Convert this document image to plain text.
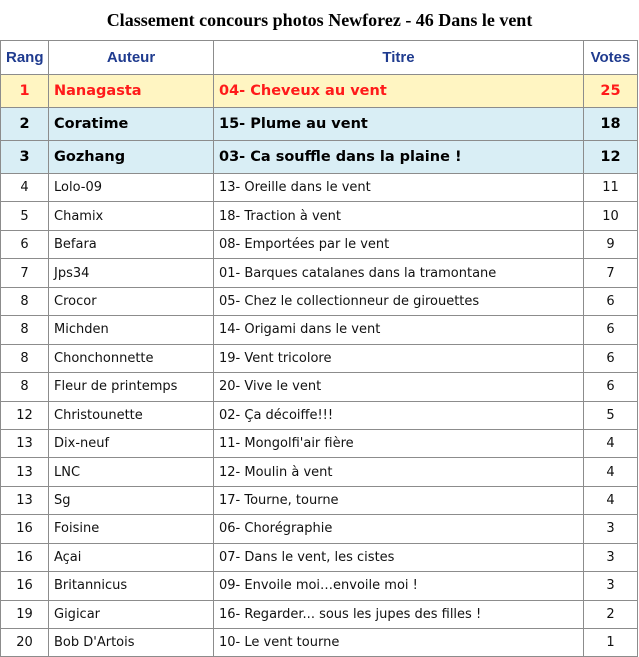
Classement concours photos Newforez - 46 Dans le vent
Rang	Auteur	Titre	Votes
1	Nanagasta	04- Cheveux au vent	25
2	Coratime	15- Plume au vent	18
3	Gozhang	03- Ca souffle dans la plaine !	12
4	Lolo-09	13- Oreille dans le vent	11
5	Chamix	18- Traction à vent	10
6	Befara	08- Emportées par le vent	9
7	Jps34	01- Barques catalanes dans la tramontane	7
8	Crocor	05- Chez le collectionneur de girouettes	6
8	Michden	14- Origami dans le vent	6
8	Chonchonnette	19- Vent tricolore	6
8	Fleur de printemps	20- Vive le vent	6
12	Christounette	02- Ça décoiffe!!!	5
13	Dix-neuf	11- Mongolfi'air fière	4
13	LNC	12- Moulin à vent	4
13	Sg	17- Tourne, tourne	4
16	Foisine	06- Chorégraphie	3
16	Açai	07- Dans le vent, les cistes	3
16	Britannicus	09- Envoile moi…envoile moi !	3
19	Gigicar	16- Regarder... sous les jupes des filles !	2
20	Bob D'Artois	10- Le vent tourne	1
